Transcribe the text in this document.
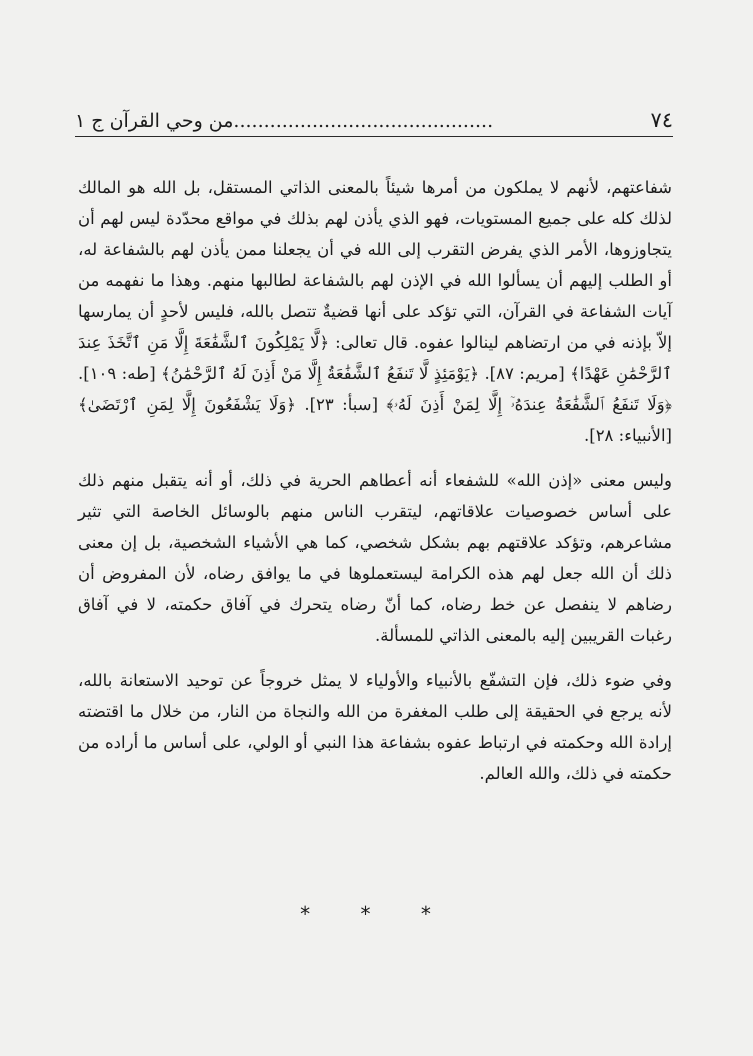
٧٤
...........................................من وحي القرآن ج ١

شفاعتهم، لأنهم لا يملكون من أمرها شيئاً بالمعنى الذاتي المستقل، بل الله هو المالك لذلك كله على جميع المستويات، فهو الذي يأذن لهم بذلك في مواقع محدّدة ليس لهم أن يتجاوزوها، الأمر الذي يفرض التقرب إلى الله في أن يجعلنا ممن يأذن لهم بالشفاعة له، أو الطلب إليهم أن يسألوا الله في الإذن لهم بالشفاعة لطالبها منهم. وهذا ما نفهمه من آيات الشفاعة في القرآن، التي تؤكد على أنها قضيةٌ تتصل بالله، فليس لأحدٍ أن يمارسها إلاّ بإذنه في من ارتضاهم لينالوا عفوه. قال تعالى: ﴿لَّا يَمْلِكُونَ ٱلشَّفَٰعَةَ إِلَّا مَنِ ٱتَّخَذَ عِندَ ٱلرَّحْمَٰنِ عَهْدًا﴾ [مريم: ٨٧]. ﴿يَوْمَئِذٍ لَّا تَنفَعُ ٱلشَّفَٰعَةُ إِلَّا مَنْ أَذِنَ لَهُ ٱلرَّحْمَٰنُ﴾ [طه: ١٠٩]. ﴿وَلَا تَنفَعُ ٱلشَّفَٰعَةُ عِندَهُۥٓ إِلَّا لِمَنْ أَذِنَ لَهُۥ﴾ [سبأ: ٢٣]. ﴿وَلَا يَشْفَعُونَ إِلَّا لِمَنِ ٱرْتَضَىٰ﴾ [الأنبياء: ٢٨].

وليس معنى «إذن الله» للشفعاء أنه أعطاهم الحرية في ذلك، أو أنه يتقبل منهم ذلك على أساس خصوصيات علاقاتهم، ليتقرب الناس منهم بالوسائل الخاصة التي تثير مشاعرهم، وتؤكد علاقتهم بهم بشكل شخصي، كما هي الأشياء الشخصية، بل إن معنى ذلك أن الله جعل لهم هذه الكرامة ليستعملوها في ما يوافق رضاه، لأن المفروض أن رضاهم لا ينفصل عن خط رضاه، كما أنّ رضاه يتحرك في آفاق حكمته، لا في آفاق رغبات القريبين إليه بالمعنى الذاتي للمسألة.

وفي ضوء ذلك، فإن التشفّع بالأنبياء والأولياء لا يمثل خروجاً عن توحيد الاستعانة بالله، لأنه يرجع في الحقيقة إلى طلب المغفرة من الله والنجاة من النار، من خلال ما اقتضته إرادة الله وحكمته في ارتباط عفوه بشفاعة هذا النبي أو الولي، على أساس ما أراده من حكمته في ذلك، والله العالم.

* * *
